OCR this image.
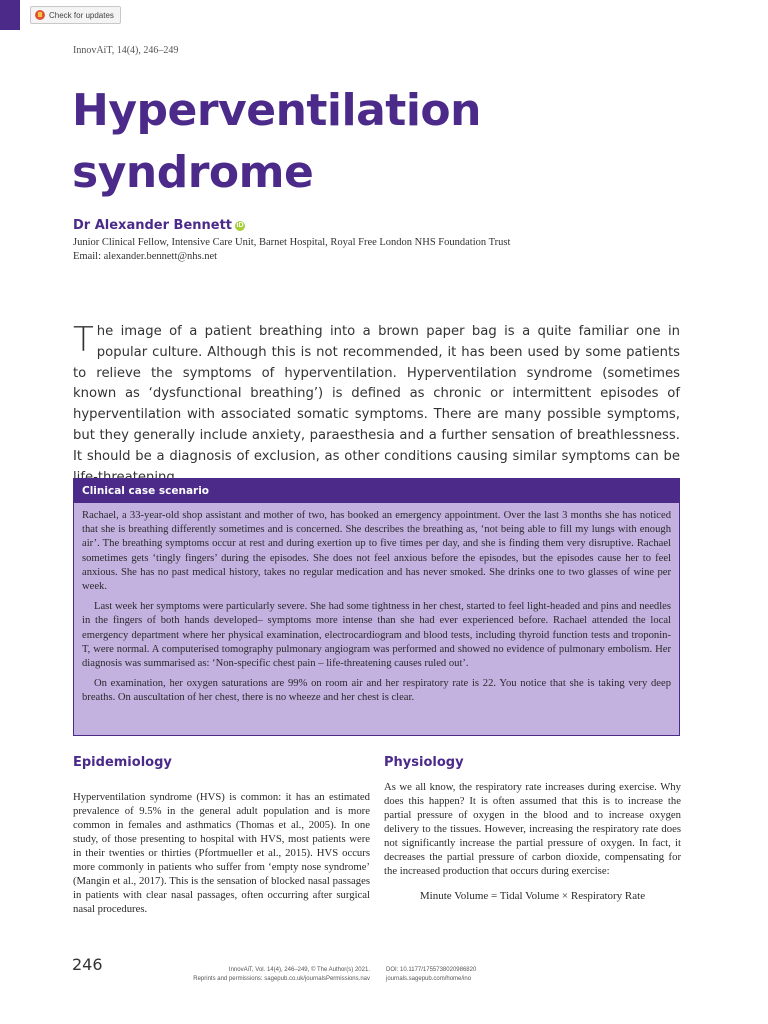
Check for updates
InnovAiT, 14(4), 246–249
Hyperventilation
syndrome
Dr Alexander Bennett iD
Junior Clinical Fellow, Intensive Care Unit, Barnet Hospital, Royal Free London NHS Foundation Trust
Email: alexander.bennett@nhs.net

The image of a patient breathing into a brown paper bag is a quite familiar one in popular culture. Although this is not recommended, it has been used by some patients to relieve the symptoms of hyperventilation. Hyperventilation syndrome (sometimes known as ‘dysfunctional breathing’) is defined as chronic or intermittent episodes of hyperventilation with associated somatic symptoms. There are many possible symptoms, but they generally include anxiety, paraesthesia and a further sensation of breathlessness. It should be a diagnosis of exclusion, as other conditions causing similar symptoms can be

Clinical case scenario

Rachael, a 33-year-old shop assistant and mother of two, has booked an emergency appointment. Over the last 3 months she has noticed that she is breathing differently sometimes and is concerned. She describes the breathing as, ‘not being able to fill my lungs with enough air’. The breathing symptoms occur at rest and during exertion up to five times per day, and she is finding them very disruptive. Rachael sometimes gets ‘tingly fingers’ during the episodes. She does not feel anxious before the episodes, but the episodes cause her to feel anxious. She has no past medical history, takes no regular medication and has never smoked. She drinks one to two glasses of wine per week.

Last week her symptoms were particularly severe. She had some tightness in her chest, started to feel light-headed and pins and needles in the fingers of both hands developed– symptoms more intense than she had ever experienced before. Rachael attended the local emergency department where her physical examination, electrocardiogram and blood tests, including thyroid function tests and troponin-T, were normal. A computerised tomography pulmonary angiogram was performed and showed no evidence of pulmonary embolism. Her diagnosis was summarised as: ‘Non-specific chest pain – life-threatening causes ruled out’.

On examination, her oxygen saturations are 99% on room air and her respiratory rate is 22. You notice that she is taking very deep breaths. On auscultation of her chest, there is no wheeze and her chest is clear.

Epidemiology

Hyperventilation syndrome (HVS) is common: it has an estimated prevalence of 9.5% in the general adult population and is more common in females and asthmatics (Thomas et al., 2005). In one study, of those presenting to hospital with HVS, most patients were in their twenties or thirties (Pfortmueller et al., 2015). HVS occurs more commonly in patients who suffer from ‘empty nose syndrome’ (Mangin et al., 2017). This is the sensation of blocked nasal passages in patients with clear nasal passages, often occurring after surgical nasal procedures.

Physiology

As we all know, the respiratory rate increases during exercise. Why does this happen? It is often assumed that this is to increase the partial pressure of oxygen in the blood and to increase oxygen delivery to the tissues. However, increasing the respiratory rate does not significantly increase the partial pressure of oxygen. In fact, it decreases the partial pressure of carbon dioxide, compensating for the increased production that occurs during exercise:

Minute Volume = Tidal Volume × Respiratory Rate
246	InnovAiT, Vol. 14(4), 246–249, © The Author(s) 2021.
Reprints and permissions: sagepub.co.uk/journalsPermissions.nav
DOI: 10.1177/1755738020986820
journals.sagepub.com/home/ino
